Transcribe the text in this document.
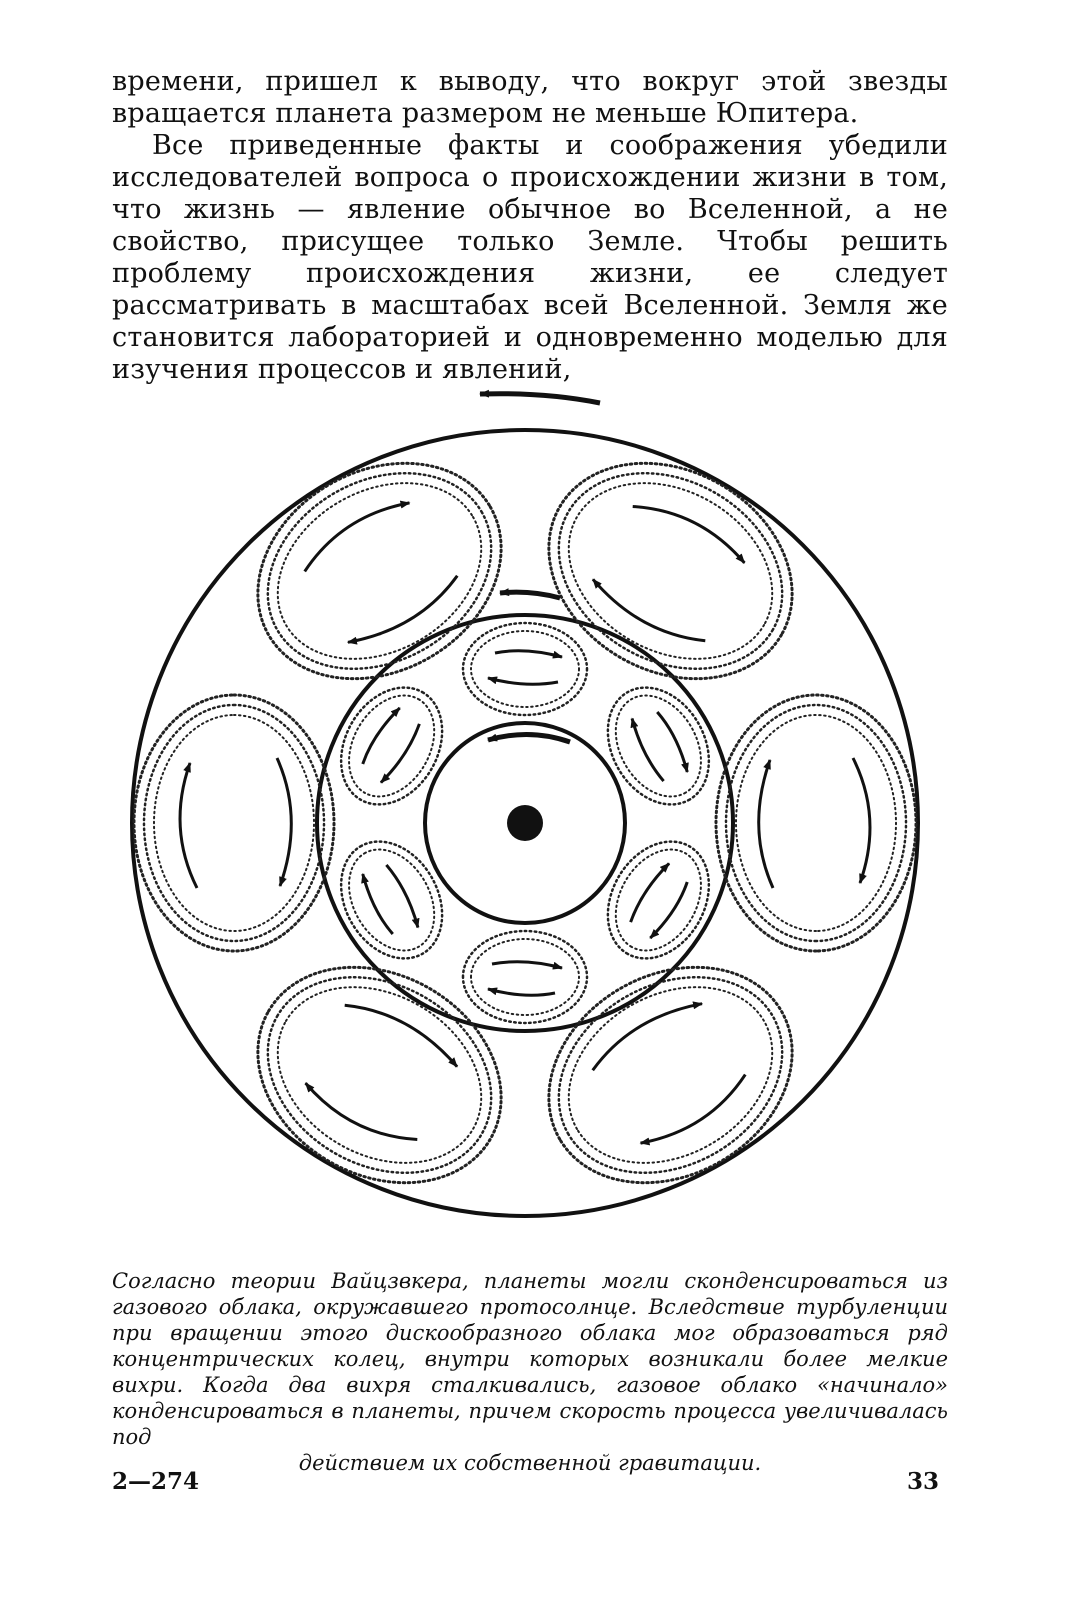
времени, пришел к выводу, что вокруг этой звезды вращается планета размером не меньше Юпитера.

Все приведенные факты и соображения убедили исследователей вопроса о происхождении жизни в том, что жизнь — явление обычное во Вселенной, а не свойство, присущее только Земле. Чтобы решить проблему происхождения жизни, ее следует рассматривать в масштабах всей Вселенной. Земля же становится лабораторией и одновременно моделью для изучения процессов и явлений,

Согласно теории Вайцзвкера, планеты могли сконденсироваться из газового облака, окружавшего протосолнце. Вследствие турбуленции при вращении этого дискообразного облака мог образоваться ряд концентрических колец, внутри которых возникали более мелкие вихри. Когда два вихря сталкивались, газовое облако «начинало» конденсироваться в планеты, причем скорость процесса увеличивалась под
действием их собственной гравитации.
2—274	33
